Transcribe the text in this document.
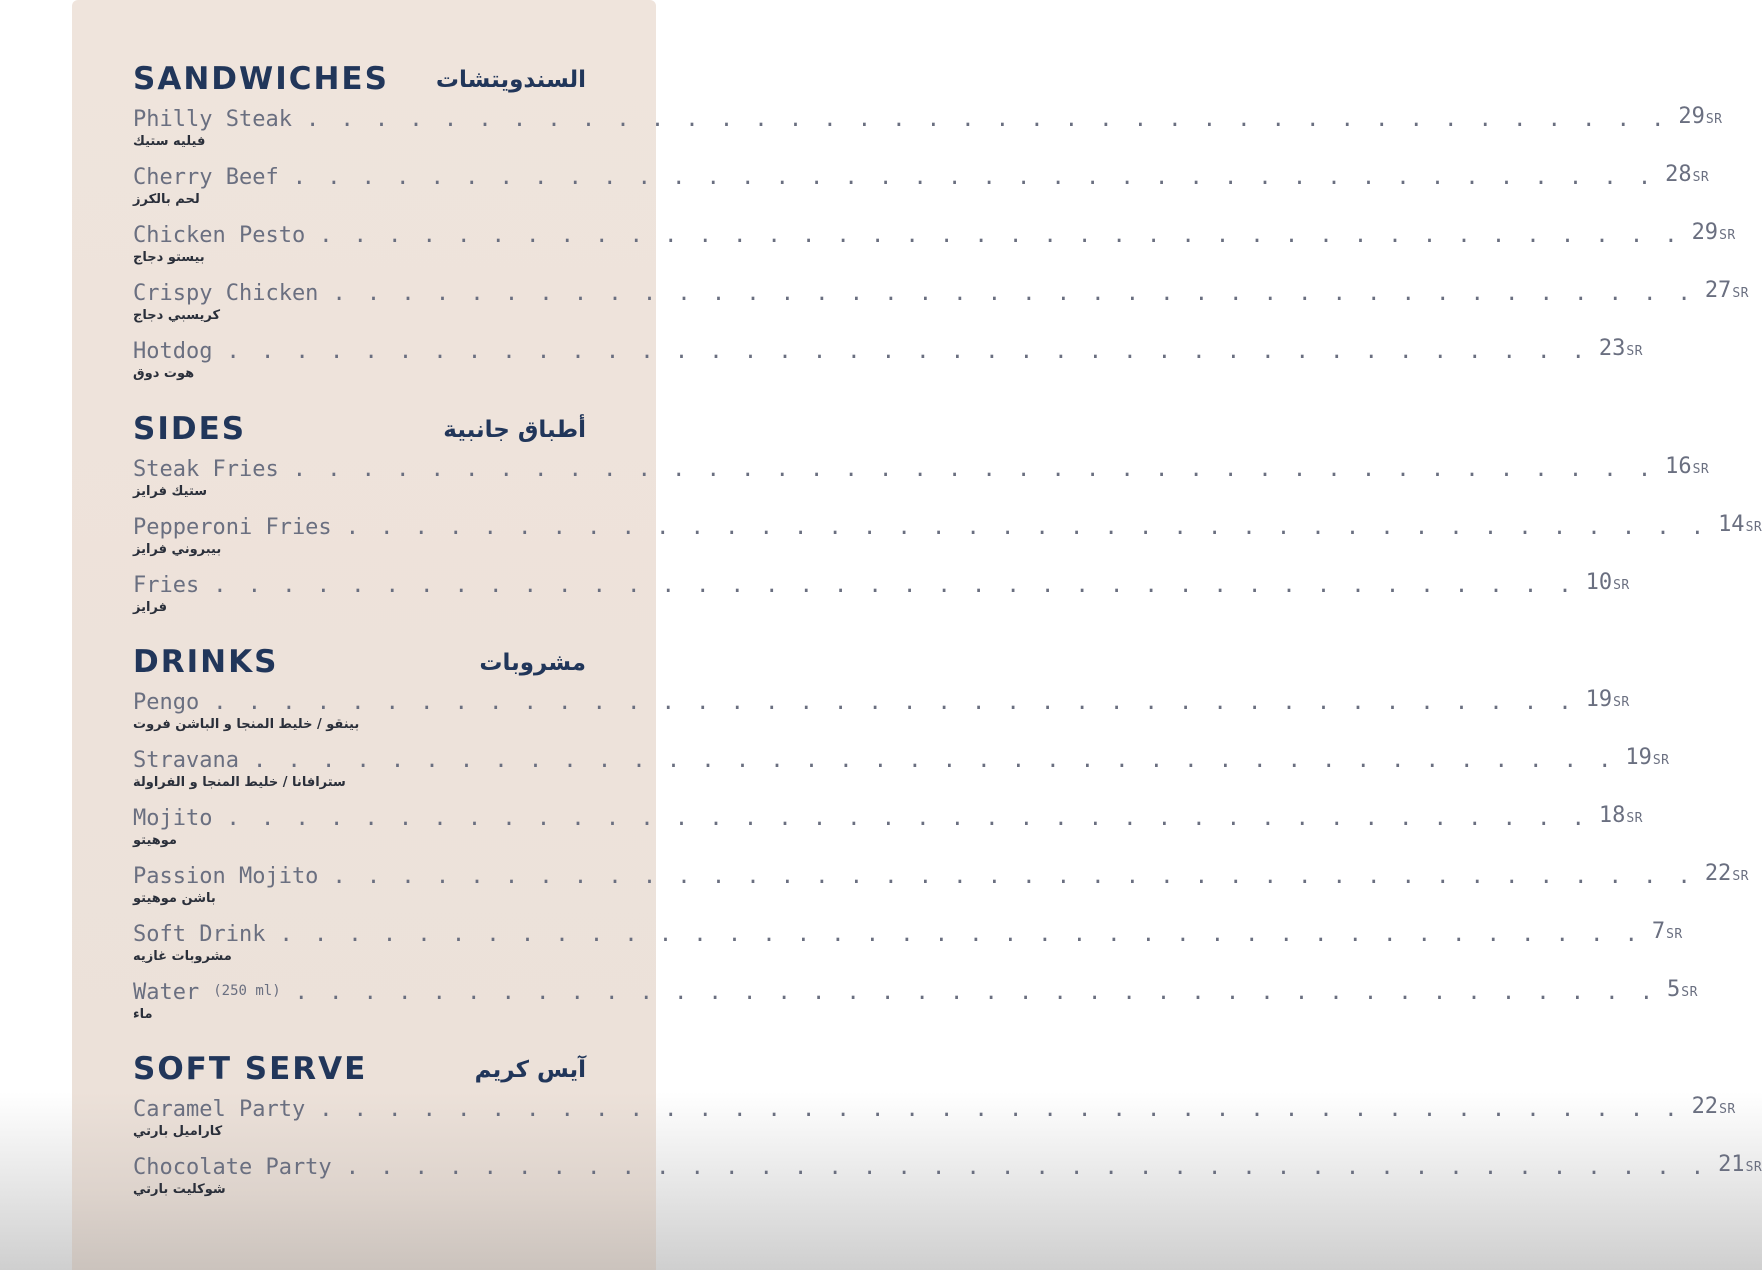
SANDWICHES السندويتشات
Philly Steak . . . . . . . . . . . . . . . . . . . . . . . . . . . . . . . . . . . . . . . . 29SR
فيليه ستيك
Cherry Beef . . . . . . . . . . . . . . . . . . . . . . . . . . . . . . . . . . . . . . . . 28SR
لحم بالكرز
Chicken Pesto . . . . . . . . . . . . . . . . . . . . . . . . . . . . . . . . . . . . . . . . 29SR
بيستو دجاج
Crispy Chicken . . . . . . . . . . . . . . . . . . . . . . . . . . . . . . . . . . . . . . . . 27SR
كريسبي دجاج
Hotdog . . . . . . . . . . . . . . . . . . . . . . . . . . . . . . . . . . . . . . . . 23SR
هوت دوق
SIDES	أطباق جانبية
Steak Fries . . . . . . . . . . . . . . . . . . . . . . . . . . . . . . . . . . . . . . . . 16SR
ستيك فرايز
Pepperoni Fries . . . . . . . . . . . . . . . . . . . . . . . . . . . . . . . . . . . . . . . . 14SR
بيبروني فرايز
Fries . . . . . . . . . . . . . . . . . . . . . . . . . . . . . . . . . . . . . . . . 10SR
فرايز
DRINKS	مشروبات
Pengo . . . . . . . . . . . . . . . . . . . . . . . . . . . . . . . . . . . . . . . . 19SR
بينقو / خليط المنجا و الباشن فروت
Stravana . . . . . . . . . . . . . . . . . . . . . . . . . . . . . . . . . . . . . . . . 19SR
سترافانا / خليط المنجا و الفراولة
Mojito . . . . . . . . . . . . . . . . . . . . . . . . . . . . . . . . . . . . . . . . 18SR
موهيتو
Passion Mojito . . . . . . . . . . . . . . . . . . . . . . . . . . . . . . . . . . . . . . . . 22SR
باشن موهيتو
Soft Drink . . . . . . . . . . . . . . . . . . . . . . . . . . . . . . . . . . . . . . . . 7SR
مشروبات غازيه
Water (250 ml) . . . . . . . . . . . . . . . . . . . . . . . . . . . . . . . . . . . . . . . . 5SR
ماء
SOFT SERVE	آيس كريم
Caramel Party . . . . . . . . . . . . . . . . . . . . . . . . . . . . . . . . . . . . . . . . 22SR
كاراميل بارتي
Chocolate Party . . . . . . . . . . . . . . . . . . . . . . . . . . . . . . . . . . . . . . . . 21SR
شوكليت بارتي
